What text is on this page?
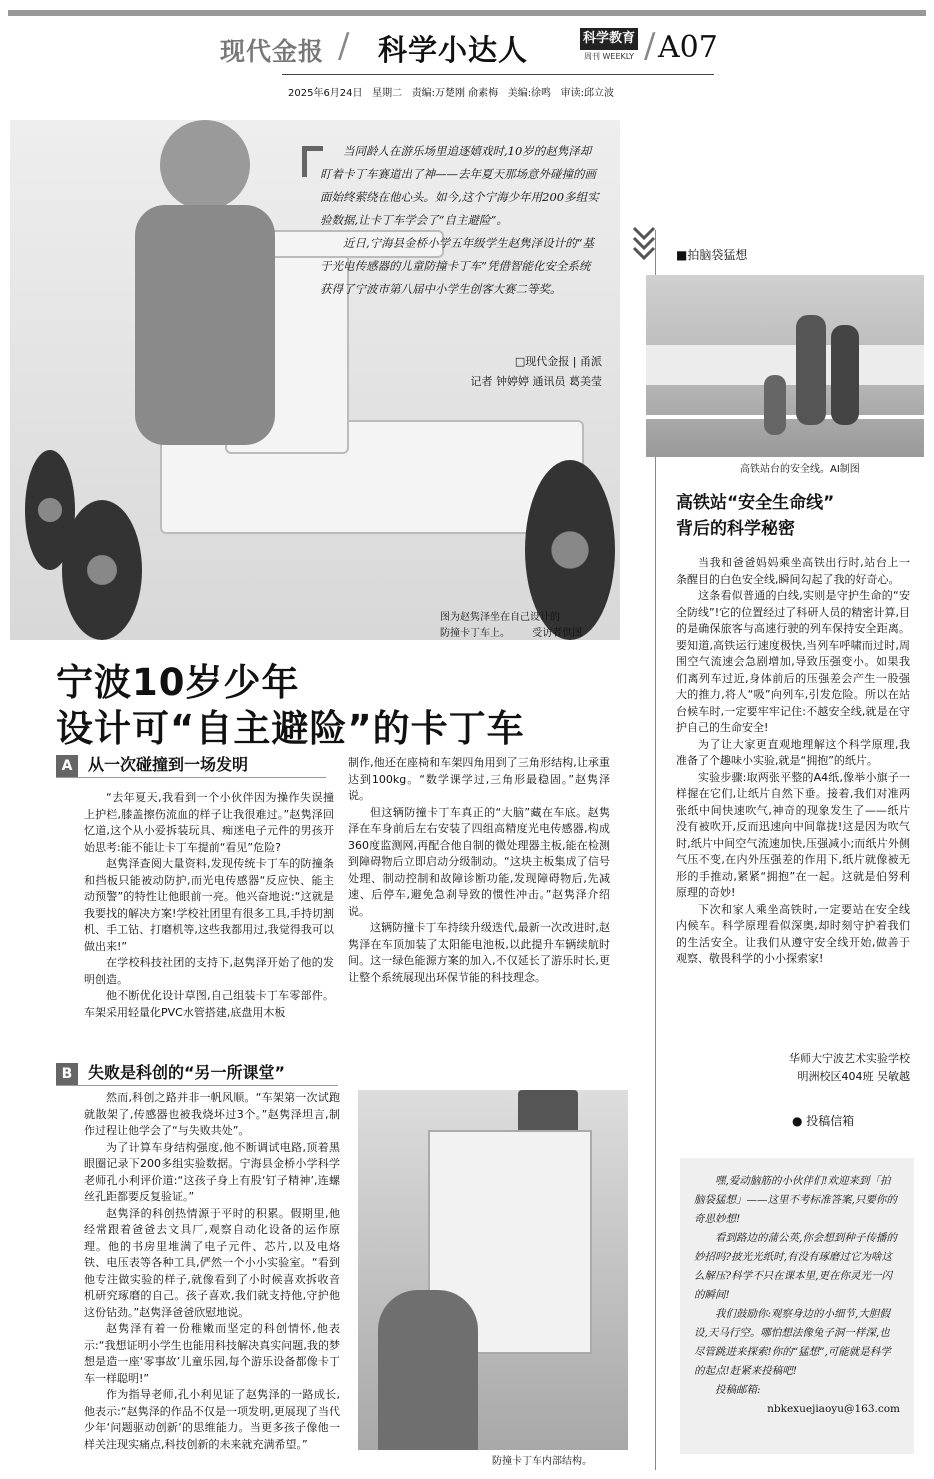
现代金报 / 科学小达人	科学教育
周刊 WEEKLY / A07
2025年6月24日   星期二   责编:万楚刚 俞素梅   美编:徐鸣   审读:邱立波
图为赵隽泽坐在自己设计的
防撞卡丁车上。       受访者供图

当同龄人在游乐场里追逐嬉戏时,10岁的赵隽泽却盯着卡丁车赛道出了神——去年夏天那场意外碰撞的画面始终萦绕在他心头。如今,这个宁海少年用200多组实验数据,让卡丁车学会了“自主避险”。

近日,宁海县金桥小学五年级学生赵隽泽设计的“基于光电传感器的儿童防撞卡丁车”凭借智能化安全系统获得了宁波市第八届中小学生创客大赛二等奖。

□现代金报 | 甬派
记者 钟婷婷 通讯员 葛美莹
宁波10岁少年
设计可“自主避险”的卡丁车
A 从一次碰撞到一场发明

“去年夏天,我看到一个小伙伴因为操作失误撞上护栏,膝盖擦伤流血的样子让我很难过。”赵隽泽回忆道,这个从小爱拆装玩具、痴迷电子元件的男孩开始思考:能不能让卡丁车提前“看见”危险?

赵隽泽查阅大量资料,发现传统卡丁车的防撞条和挡板只能被动防护,而光电传感器“反应快、能主动预警”的特性让他眼前一亮。他兴奋地说:“这就是我要找的解决方案!学校社团里有很多工具,手持切割机、手工钻、打磨机等,这些我都用过,我觉得我可以做出来!”

在学校科技社团的支持下,赵隽泽开始了他的发明创造。

他不断优化设计草图,自己组装卡丁车零部件。车架采用轻量化PVC水管搭建,底盘用木板

制作,他还在座椅和车架四角用到了三角形结构,让承重达到100kg。“数学课学过,三角形最稳固。”赵隽泽说。

但这辆防撞卡丁车真正的“大脑”藏在车底。赵隽泽在车身前后左右安装了四组高精度光电传感器,构成360度监测网,再配合他自制的微处理器主板,能在检测到障碍物后立即启动分级制动。“这块主板集成了信号处理、制动控制和故障诊断功能,发现障碍物后,先减速、后停车,避免急刹导致的惯性冲击。”赵隽泽介绍说。

这辆防撞卡丁车持续升级迭代,最新一次改进时,赵隽泽在车顶加装了太阳能电池板,以此提升车辆续航时间。这一绿色能源方案的加入,不仅延长了游乐时长,更让整个系统展现出环保节能的科技理念。

B 失败是科创的“另一所课堂”

然而,科创之路并非一帆风顺。“车架第一次试跑就散架了,传感器也被我烧坏过3个。”赵隽泽坦言,制作过程让他学会了“与失败共处”。

为了计算车身结构强度,他不断调试电路,顶着黑眼圈记录下200多组实验数据。宁海县金桥小学科学老师孔小利评价道:“这孩子身上有股‘钉子精神’,连螺丝孔距都要反复验证。”

赵隽泽的科创热情源于平时的积累。假期里,他经常跟着爸爸去文具厂,观察自动化设备的运作原理。他的书房里堆满了电子元件、芯片,以及电烙铁、电压表等各种工具,俨然一个小小实验室。“看到他专注做实验的样子,就像看到了小时候喜欢拆收音机研究琢磨的自己。孩子喜欢,我们就支持他,守护他这份钻劲。”赵隽泽爸爸欣慰地说。

赵隽泽有着一份稚嫩而坚定的科创情怀,他表示:“我想证明小学生也能用科技解决真实问题,我的梦想是造一座‘零事故’儿童乐园,每个游乐设备都像卡丁车一样聪明!”

作为指导老师,孔小利见证了赵隽泽的一路成长,他表示:“赵隽泽的作品不仅是一项发明,更展现了当代少年‘问题驱动创新’的思维能力。当更多孩子像他一样关注现实痛点,科技创新的未来就充满希望。”

防撞卡丁车内部结构。
■拍脑袋猛想
高铁站台的安全线。AI制图
高铁站“安全生命线”
背后的科学秘密

当我和爸爸妈妈乘坐高铁出行时,站台上一条醒目的白色安全线,瞬间勾起了我的好奇心。

这条看似普通的白线,实则是守护生命的“安全防线”!它的位置经过了科研人员的精密计算,目的是确保旅客与高速行驶的列车保持安全距离。要知道,高铁运行速度极快,当列车呼啸而过时,周围空气流速会急剧增加,导致压强变小。如果我们离列车过近,身体前后的压强差会产生一股强大的推力,将人“吸”向列车,引发危险。所以在站台候车时,一定要牢牢记住:不越安全线,就是在守护自己的生命安全!

为了让大家更直观地理解这个科学原理,我准备了个趣味小实验,就是“拥抱”的纸片。

实验步骤:取两张平整的A4纸,像举小旗子一样握在它们,让纸片自然下垂。接着,我们对准两张纸中间快速吹气,神奇的现象发生了——纸片没有被吹开,反而迅速向中间靠拢!这是因为吹气时,纸片中间空气流速加快,压强减小;而纸片外侧气压不变,在内外压强差的作用下,纸片就像被无形的手推动,紧紧“拥抱”在一起。这就是伯努利原理的奇妙!

下次和家人乘坐高铁时,一定要站在安全线内候车。科学原理看似深奥,却时刻守护着我们的生活安全。让我们从遵守安全线开始,做善于观察、敬畏科学的小小探索家!

华师大宁波艺术实验学校
明洲校区404班 吴敏越
● 投稿信箱

嘿,爱动脑筋的小伙伴们!欢迎来到「拍脑袋猛想」——这里不考标准答案,只要你的奇思妙想!

看到路边的蒲公英,你会想到种子传播的妙招吗?披光光纸时,有没有琢磨过它为啥这么解压?科学不只在课本里,更在你灵光一闪的瞬间!

我们鼓励你:观察身边的小细节,大胆假设,天马行空。哪怕想法像兔子洞一样深,也尽管跳进来探索!你的“猛想”,可能就是科学的起点!赶紧来投稿吧!

投稿邮箱:

nbkexuejiaoyu@163.com
